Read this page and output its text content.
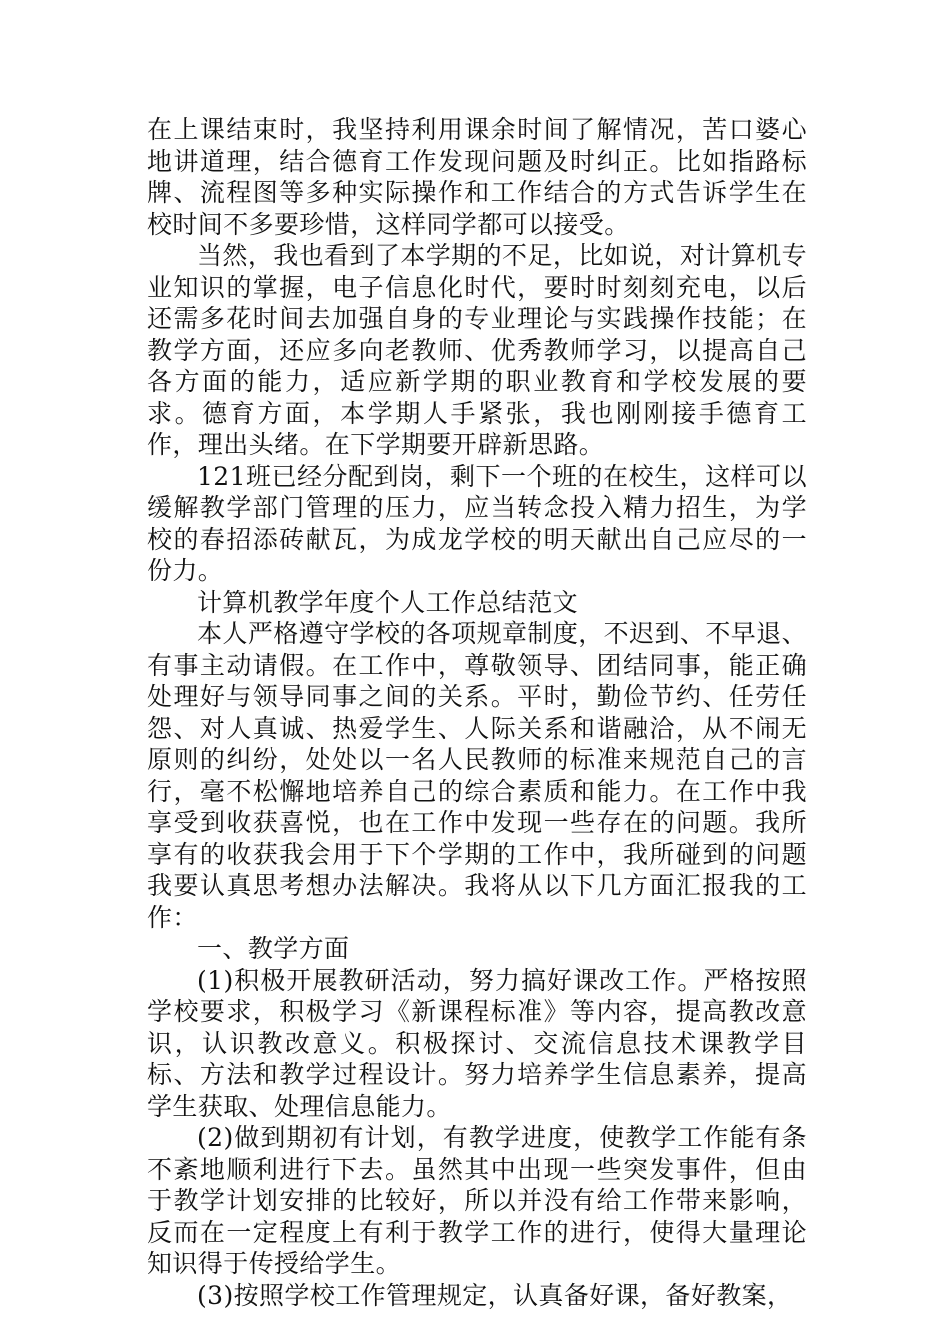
在上课结束时，我坚持利用课余时间了解情况，苦口婆心地讲道理，结合德育工作发现问题及时纠正。比如指路标牌、流程图等多种实际操作和工作结合的方式告诉学生在校时间不多要珍惜，这样同学都可以接受。

当然，我也看到了本学期的不足，比如说，对计算机专业知识的掌握，电子信息化时代，要时时刻刻充电，以后还需多花时间去加强自身的专业理论与实践操作技能；在教学方面，还应多向老教师、优秀教师学习，以提高自己各方面的能力，适应新学期的职业教育和学校发展的要求。德育方面，本学期人手紧张，我也刚刚接手德育工作，理出头绪。在下学期要开辟新思路。

121班已经分配到岗，剩下一个班的在校生，这样可以缓解教学部门管理的压力，应当转念投入精力招生，为学校的春招添砖献瓦，为成龙学校的明天献出自己应尽的一份力。

计算机教学年度个人工作总结范文

本人严格遵守学校的各项规章制度，不迟到、不早退、有事主动请假。在工作中，尊敬领导、团结同事，能正确处理好与领导同事之间的关系。平时，勤俭节约、任劳任怨、对人真诚、热爱学生、人际关系和谐融洽，从不闹无原则的纠纷，处处以一名人民教师的标准来规范自己的言行，毫不松懈地培养自己的综合素质和能力。在工作中我享受到收获喜悦，也在工作中发现一些存在的问题。我所享有的收获我会用于下个学期的工作中，我所碰到的问题我要认真思考想办法解决。我将从以下几方面汇报我的工作：

一、教学方面

(1)积极开展教研活动，努力搞好课改工作。严格按照学校要求，积极学习《新课程标准》等内容，提高教改意识，认识教改意义。积极探讨、交流信息技术课教学目标、方法和教学过程设计。努力培养学生信息素养，提高学生获取、处理信息能力。

(2)做到期初有计划，有教学进度，使教学工作能有条不紊地顺利进行下去。虽然其中出现一些突发事件，但由于教学计划安排的比较好，所以并没有给工作带来影响，反而在一定程度上有利于教学工作的进行，使得大量理论知识得于传授给学生。

(3)按照学校工作管理规定，认真备好课，备好教案，
